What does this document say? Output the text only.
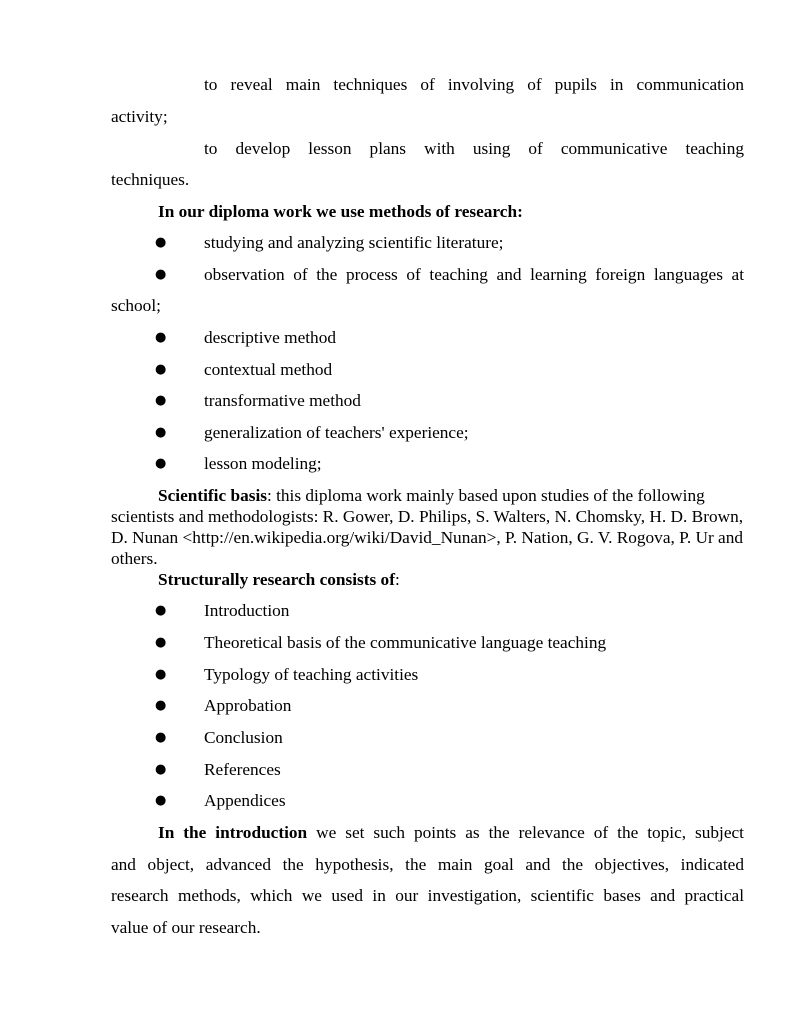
to reveal main techniques of involving of pupils in communication
activity;
to develop lesson plans with using of communicative teaching
techniques.
In our diploma work we use methods of research:
● studying and analyzing scientific literature;
● observation of the process of teaching and learning foreign languages at
school;
● descriptive method
● contextual method
● transformative method
● generalization of teachers' experience;
● lesson modeling;
Scientific basis: this diploma work mainly based upon studies of the following scientists and methodologists: R. Gower, D. Philips, S. Walters, N. Chomsky, H. D. Brown, D. Nunan <http://en.wikipedia.org/wiki/David_Nunan>, P. Nation, G. V. Rogova, P. Ur and others.
Structurally research consists of:
● Introduction
● Theoretical basis of the communicative language teaching
● Typology of teaching activities
● Approbation
● Conclusion
● References
● Appendices
In the introduction we set such points as the relevance of the topic, subject
and object, advanced the hypothesis, the main goal and the objectives, indicated
research methods, which we used in our investigation, scientific bases and practical
value of our research.
